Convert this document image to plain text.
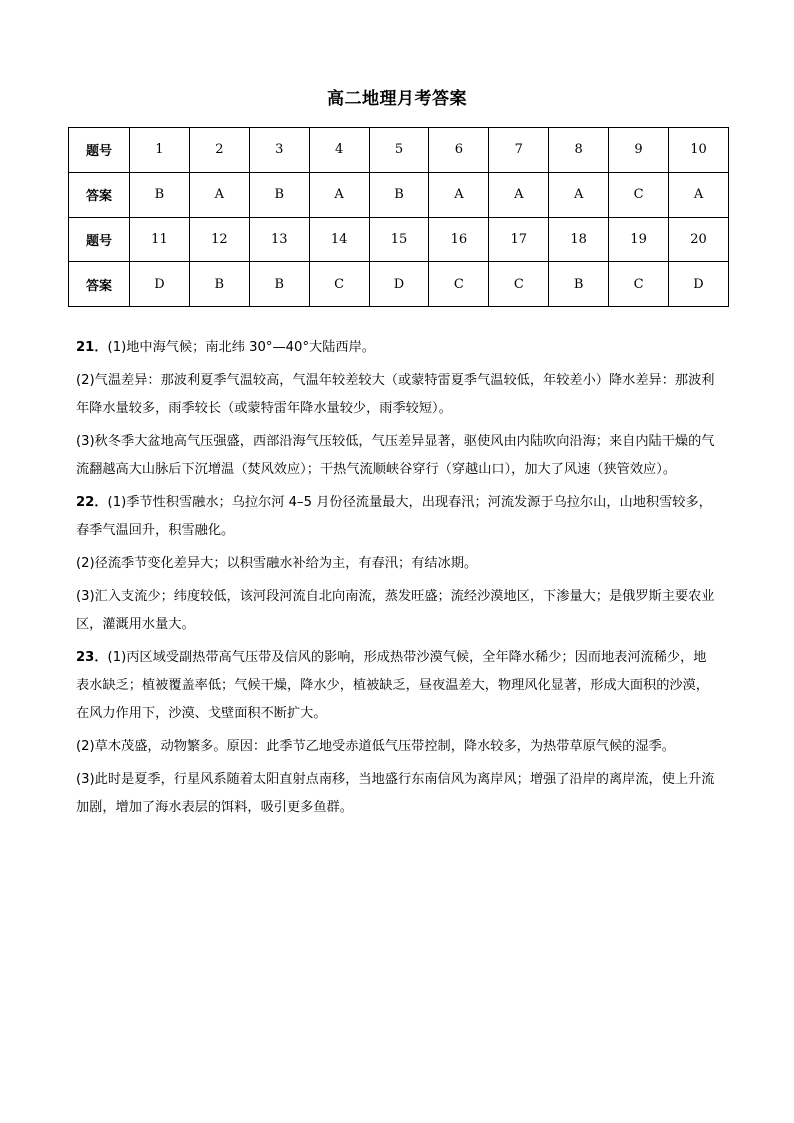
高二地理月考答案
题号	1	2	3	4	5	6	7	8	9	10
答案	B	A	B	A	B	A	A	A	C	A
题号	11	12	13	14	15	16	17	18	19	20
答案	D	B	B	C	D	C	C	B	C	D
21．(1)地中海气候；南北纬 30°—40°大陆西岸。
(2)气温差异：那波利夏季气温较高，气温年较差较大（或蒙特雷夏季气温较低，年较差小）降水差异：那波利年降水量较多，雨季较长（或蒙特雷年降水量较少，雨季较短）。
(3)秋冬季大盆地高气压强盛，西部沿海气压较低，气压差异显著，驱使风由内陆吹向沿海；来自内陆干燥的气流翻越高大山脉后下沉增温（焚风效应）；干热气流顺峡谷穿行（穿越山口），加大了风速（狭管效应）。
22．(1)季节性积雪融水；乌拉尔河 4–5 月份径流量最大，出现春汛；河流发源于乌拉尔山，山地积雪较多，春季气温回升，积雪融化。
(2)径流季节变化差异大；以积雪融水补给为主，有春汛；有结冰期。
(3)汇入支流少；纬度较低，该河段河流自北向南流，蒸发旺盛；流经沙漠地区，下渗量大；是俄罗斯主要农业区，灌溉用水量大。
23．(1)丙区域受副热带高气压带及信风的影响，形成热带沙漠气候，全年降水稀少；因而地表河流稀少，地表水缺乏；植被覆盖率低；气候干燥，降水少，植被缺乏，昼夜温差大，物理风化显著，形成大面积的沙漠，在风力作用下，沙漠、戈壁面积不断扩大。
(2)草木茂盛，动物繁多。原因：此季节乙地受赤道低气压带控制，降水较多，为热带草原气候的湿季。
(3)此时是夏季，行星风系随着太阳直射点南移，当地盛行东南信风为离岸风；增强了沿岸的离岸流，使上升流加剧，增加了海水表层的饵料，吸引更多鱼群。
